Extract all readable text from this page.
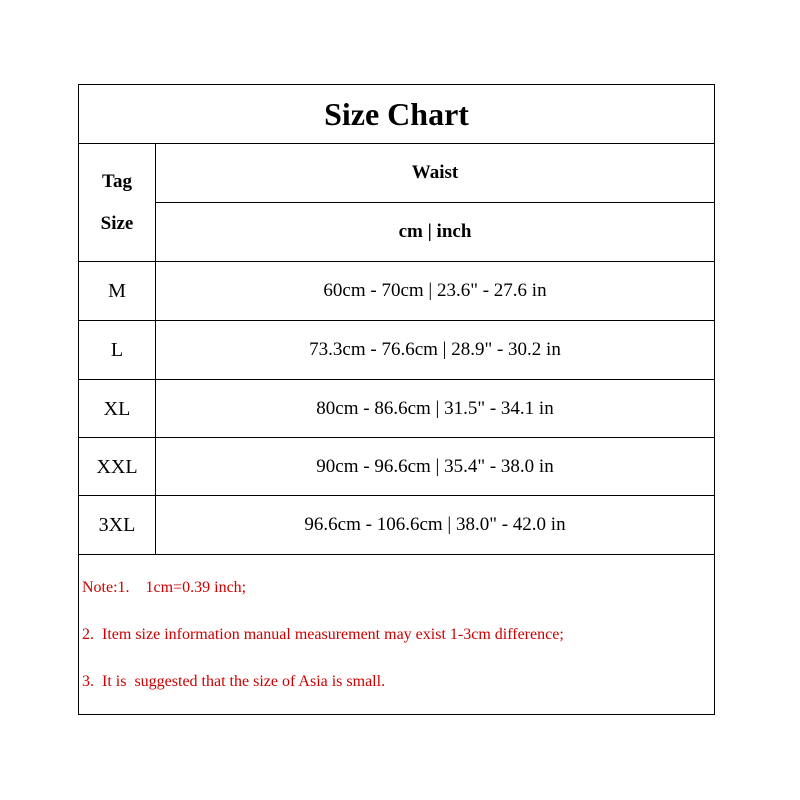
Size Chart
Tag
Size
Waist
cm | inch
M	60cm - 70cm | 23.6" - 27.6 in
L	73.3cm - 76.6cm | 28.9" - 30.2 in
XL	80cm - 86.6cm | 31.5" - 34.1 in
XXL	90cm - 96.6cm | 35.4" - 38.0 in
3XL	96.6cm - 106.6cm | 38.0" - 42.0 in
Note:1.    1cm=0.39 inch;
2.  Item size information manual measurement may exist 1-3cm difference;
3.  It is  suggested that the size of Asia is small.
